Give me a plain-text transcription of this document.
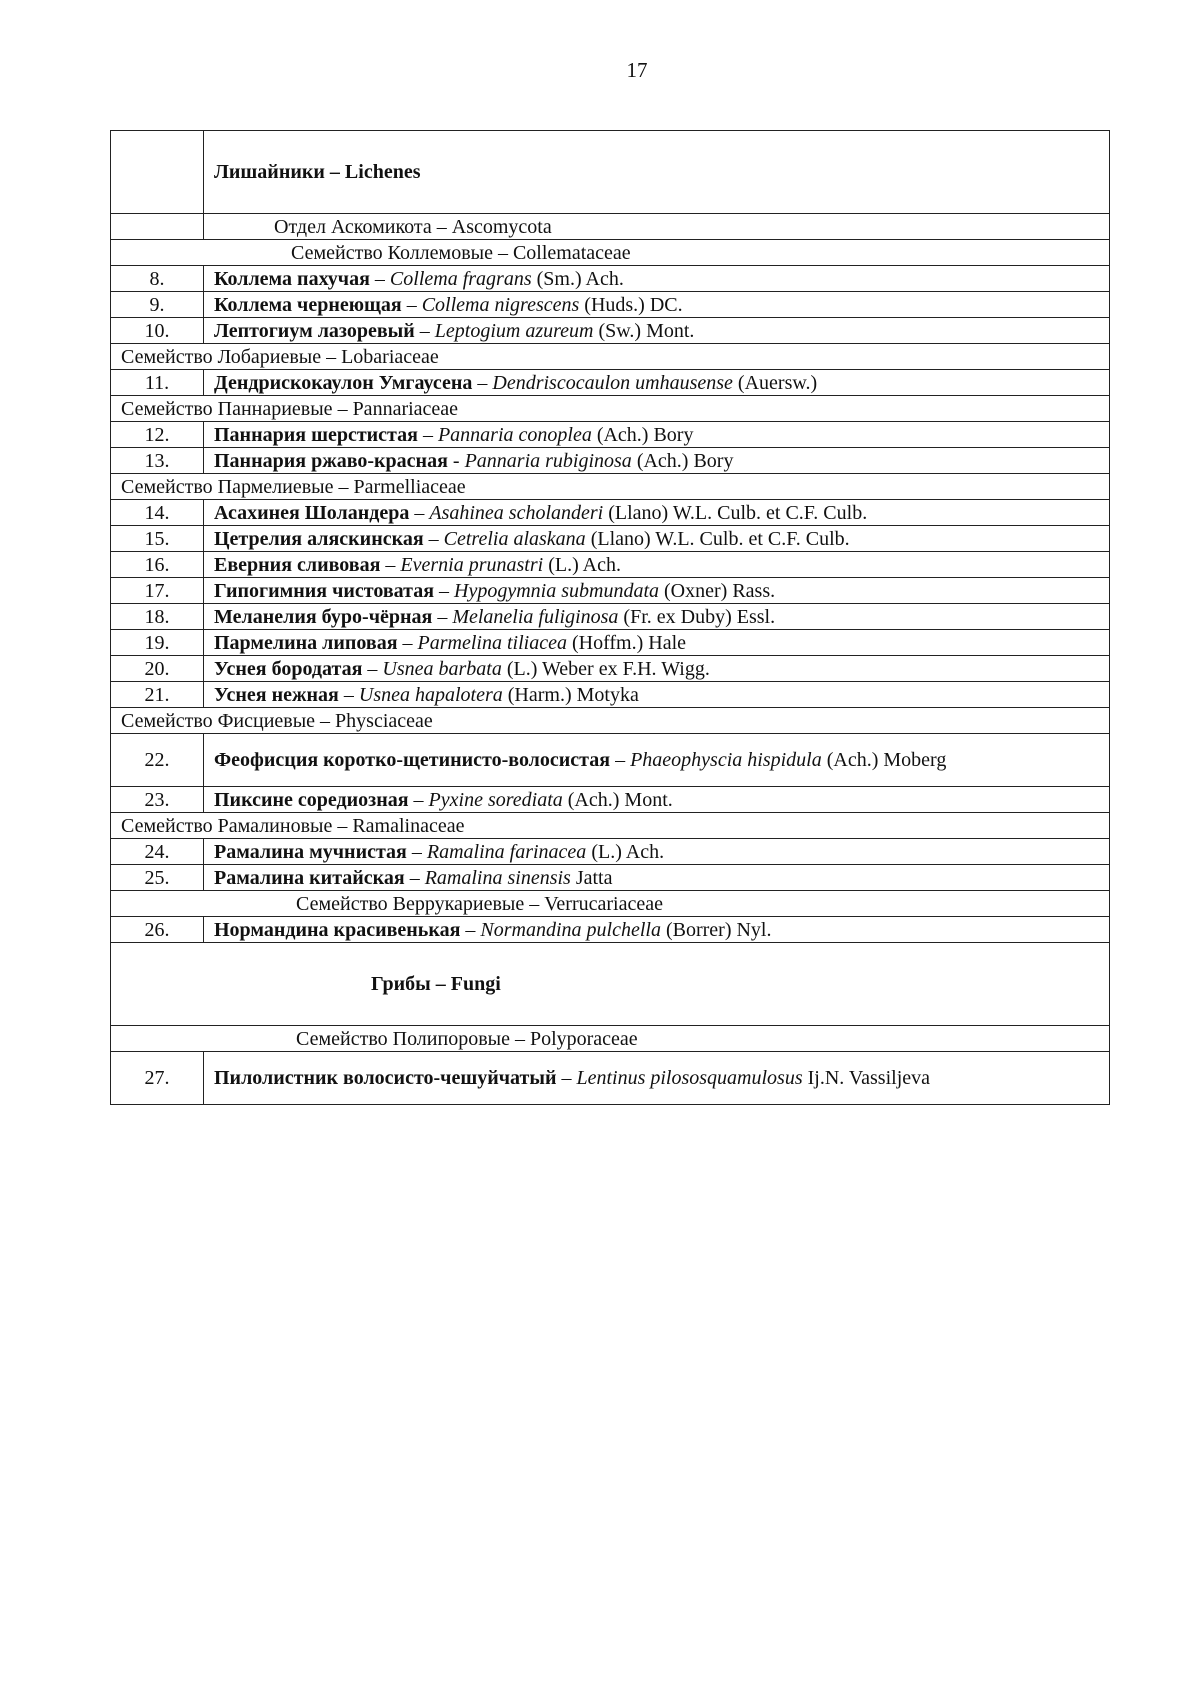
17
	Лишайники – Lichenes
	Отдел Аскомикота – Ascomycota
Семейство Коллемовые – Collemataceae	
8.	Коллема пахучая – Collema fragrans (Sm.) Ach.
9.	Коллема чернеющая – Collema nigrescens (Huds.) DC.
10.	Лептогиум лазоревый – Leptogium azureum (Sw.) Mont.
Семейство Лобариевые – Lobariaceae	
11.	Дендрискокаулон Умгаусена – Dendriscocaulon umhausense (Auersw.)
Семейство Паннариевые – Pannariaceae	
12.	Паннария шерстистая – Pannaria conoplea (Ach.) Bory
13.	Паннария ржаво-красная - Pannaria rubiginosa (Ach.) Bory
Семейство Пармелиевые – Parmelliaceae	
14.	Асахинея Шоландера – Asahinea scholanderi (Llano) W.L. Culb. et C.F. Culb.
15.	Цетрелия аляскинская – Cetrelia alaskana (Llano) W.L. Culb. et C.F. Culb.
16.	Еверния сливовая – Evernia prunastri (L.) Ach.
17.	Гипогимния чистоватая – Hypogymnia submundata (Oxner) Rass.
18.	Меланелия буро-чёрная – Melanelia fuliginosa (Fr. ex Duby) Essl.
19.	Пармелина липовая – Parmelina tiliacea (Hoffm.) Hale
20.	Уснея бородатая – Usnea barbata (L.) Weber ex F.H. Wigg.
21.	Уснея нежная – Usnea hapalotera (Harm.) Motyka
Семейство Фисциевые – Physciaceae	
22.	Феофисция коротко-щетинисто-волосистая – Phaeophyscia hispidula (Ach.) Moberg
23.	Пиксине соредиозная – Pyxine sorediata (Ach.) Mont.
Семейство Рамалиновые – Ramalinaceae	
24.	Рамалина мучнистая – Ramalina farinacea (L.) Ach.
25.	Рамалина китайская – Ramalina sinensis Jatta
Семейство Веррукариевые – Verrucariaceae	
26.	Нормандина красивенькая – Normandina pulchella (Borrer) Nyl.
Грибы – Fungi	
Семейство Полипоровые – Polyporaceae	
27.	Пилолистник волосисто-чешуйчатый – Lentinus pilososquamulosus Ij.N. Vassiljeva
